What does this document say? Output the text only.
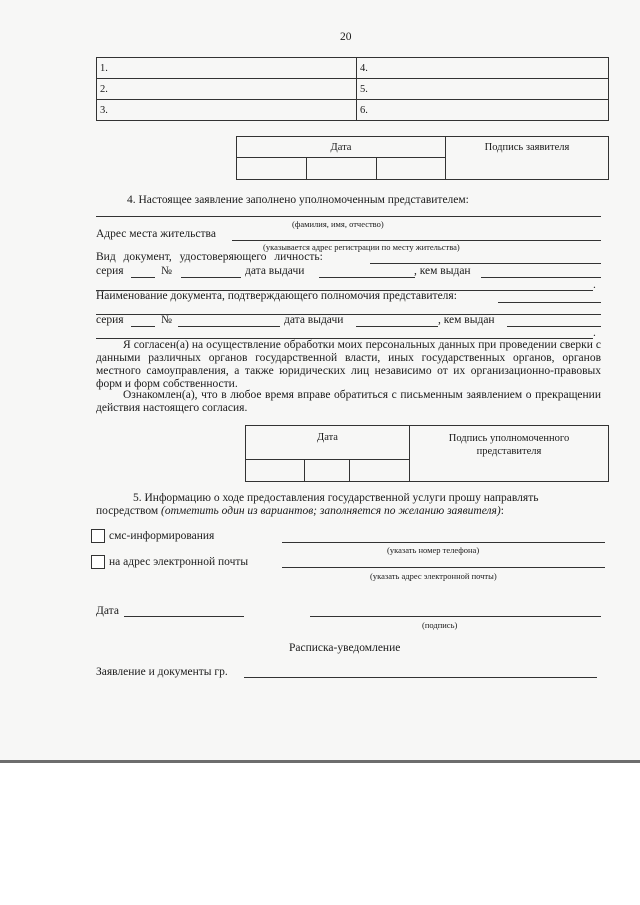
20
1.	4.
2.	5.
3.	6.
Дата			Подпись заявителя

4. Настоящее заявление заполнено уполномоченным представителем:
(фамилия, имя, отчество)
Адрес места жительства
(указывается адрес регистрации по месту жительства)
Вид документ, удостоверяющего личность:
серия	№	дата выдачи	, кем выдан
.
Наименование документа, подтверждающего полномочия представителя:
серия	№	дата выдачи	, кем выдан
.
Я согласен(а) на осуществление обработки моих персональных данных при проведении сверки с данными различных органов государственной власти, иных государственных органов, органов местного самоуправления, а также юридических лиц независимо от их организационно-правовых форм и форм собственности.
Ознакомлен(а), что в любое время вправе обратиться с письменным заявлением о прекращении действия настоящего согласия.
Дата			Подпись уполномоченного представителя

5. Информацию о ходе предоставления государственной услуги прошу направлять
посредством (отметить один из вариантов; заполняется по желанию заявителя):
смс-информирования
(указать номер телефона)
на адрес электронной почты
(указать адрес электронной почты)
Дата
(подпись)
Расписка-уведомление
Заявление и документы гр.
